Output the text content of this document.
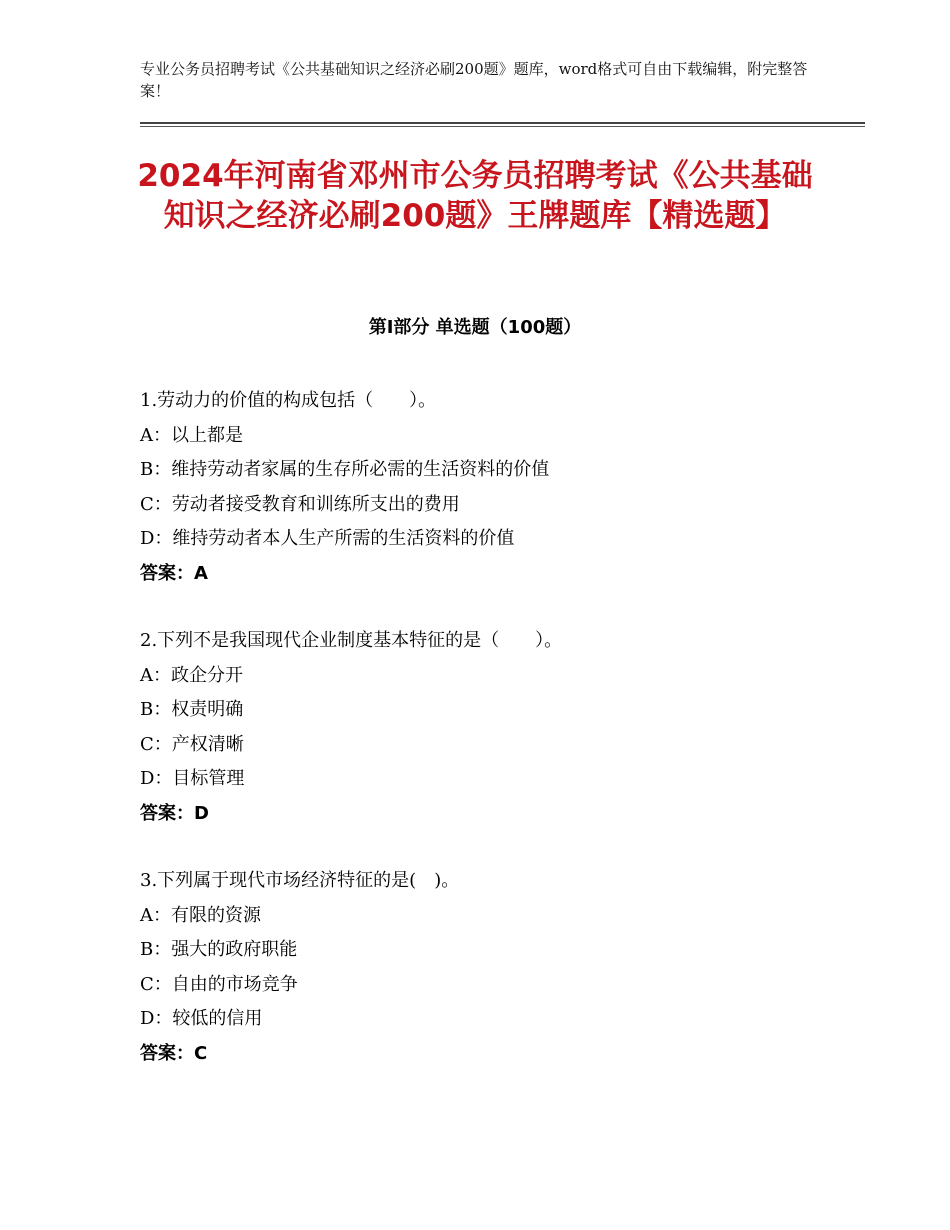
专业公务员招聘考试《公共基础知识之经济必刷200题》题库，word格式可自由下载编辑，附完整答案！
2024年河南省邓州市公务员招聘考试《公共基础知识之经济必刷200题》王牌题库【精选题】
第Ⅰ部分 单选题（100题）
1.劳动力的价值的构成包括（　　）。
A：以上都是
B：维持劳动者家属的生存所必需的生活资料的价值
C：劳动者接受教育和训练所支出的费用
D：维持劳动者本人生产所需的生活资料的价值
答案：A
2.下列不是我国现代企业制度基本特征的是（　　）。
A：政企分开
B：权责明确
C：产权清晰
D：目标管理
答案：D
3.下列属于现代市场经济特征的是(　)。
A：有限的资源
B：强大的政府职能
C：自由的市场竞争
D：较低的信用
答案：C
